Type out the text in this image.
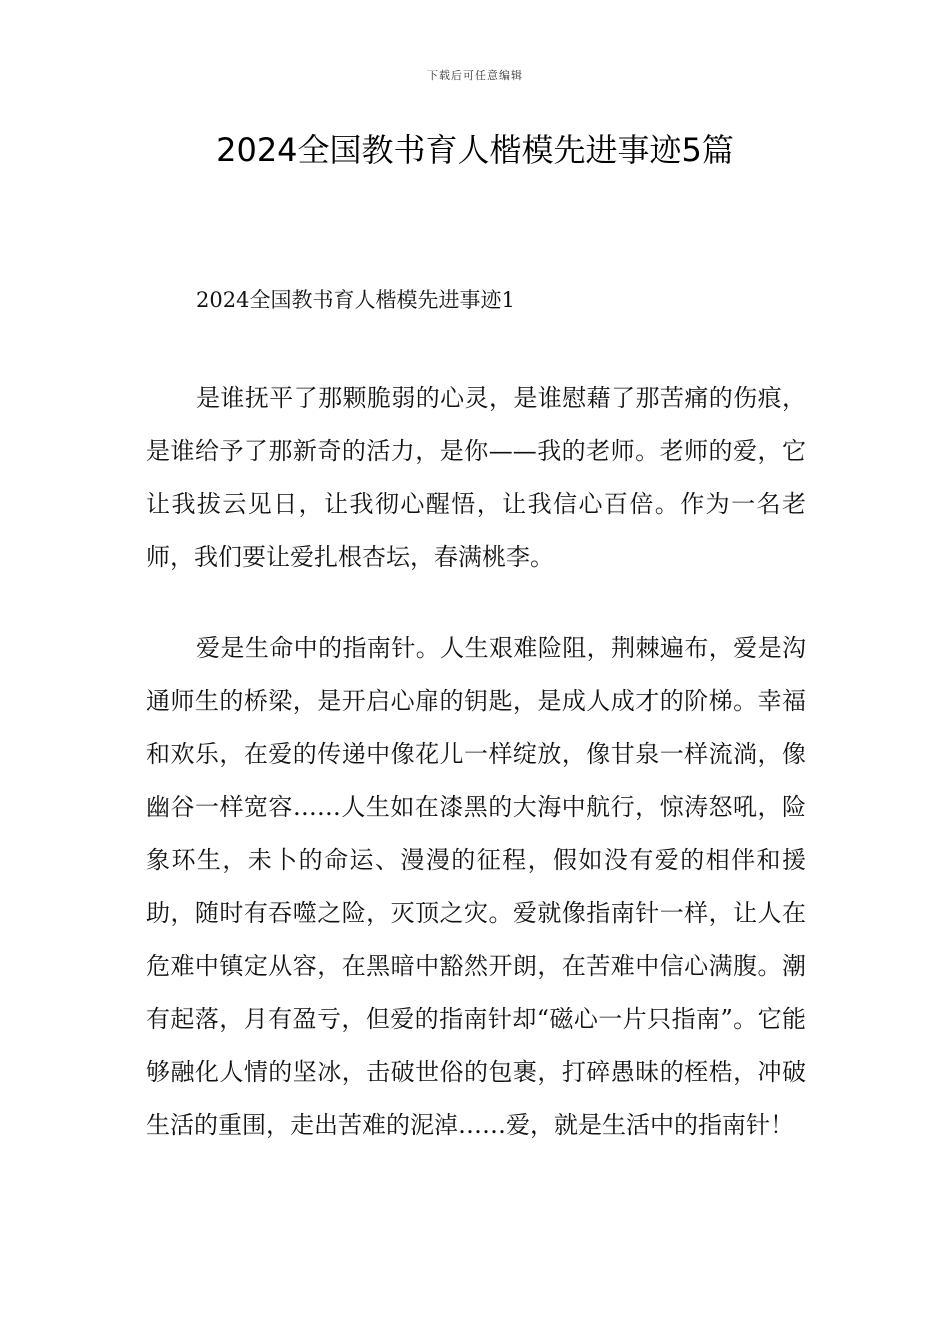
下载后可任意编辑
2024全国教书育人楷模先进事迹5篇
2024全国教书育人楷模先进事迹1

是谁抚平了那颗脆弱的心灵，是谁慰藉了那苦痛的伤痕，是谁给予了那新奇的活力，是你——我的老师。老师的爱，它让我拔云见日，让我彻心醒悟，让我信心百倍。作为一名老师，我们要让爱扎根杏坛，春满桃李。

爱是生命中的指南针。人生艰难险阻，荆棘遍布，爱是沟通师生的桥梁，是开启心扉的钥匙，是成人成才的阶梯。幸福和欢乐，在爱的传递中像花儿一样绽放，像甘泉一样流淌，像幽谷一样宽容……人生如在漆黑的大海中航行，惊涛怒吼，险象环生，未卜的命运、漫漫的征程，假如没有爱的相伴和援助，随时有吞噬之险，灭顶之灾。爱就像指南针一样，让人在危难中镇定从容，在黑暗中豁然开朗，在苦难中信心满腹。潮有起落，月有盈亏，但爱的指南针却“磁心一片只指南”。它能够融化人情的坚冰，击破世俗的包裹，打碎愚昧的桎梏，冲破生活的重围，走出苦难的泥淖……爱，就是生活中的指南针！
